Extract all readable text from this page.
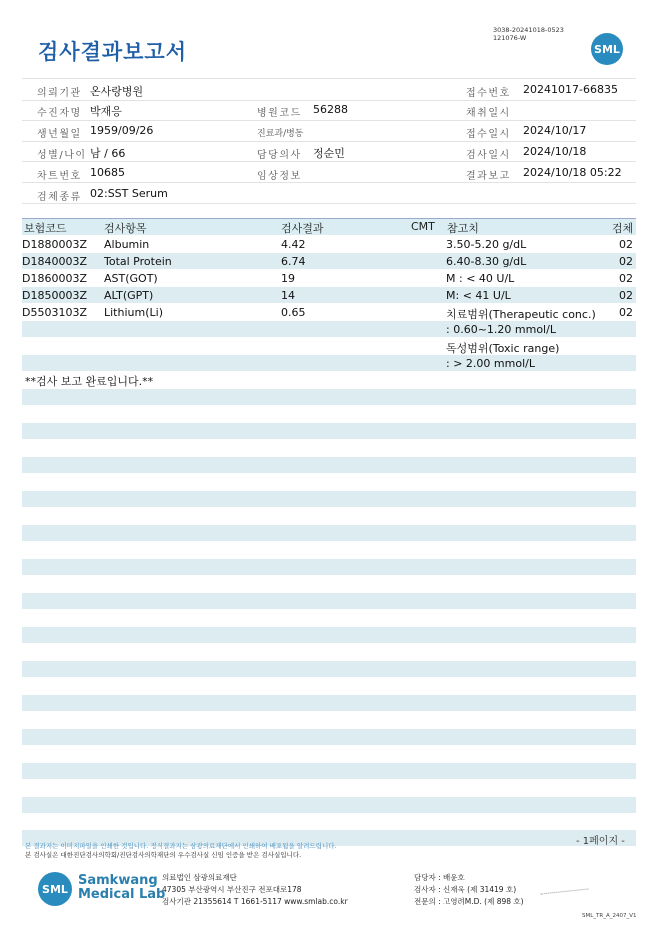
검사결과보고서
3038-20241018-0523
121076-W
SML
의뢰기관 온사랑병원	접수번호 20241017-66835
수진자명 박재응	병원코드 56288	채취일시
생년월일 1959/09/26	진료과/병동	접수일시 2024/10/17
성별/나이 남 / 66	담당의사 정순민	검사일시 2024/10/18
차트번호 10685	임상정보	결과보고 2024/10/18 05:22
검체종류 02:SST Serum
보험코드	검사항목	검사결과	CMT 참고치	검체
D1880003Z Albumin	4.42	3.50-5.20 g/dL	02
D1840003Z Total Protein	6.74	6.40-8.30 g/dL	02
D1860003Z AST(GOT)	19	M : < 40 U/L	02
D1850003Z ALT(GPT)	14	M: < 41 U/L	02
D5503103Z Lithium(Li)	0.65	치료범위(Therapeutic conc.) 02
: 0.60~1.20 mmol/L
독성범위(Toxic range)
: > 2.00 mmol/L
**검사 보고 완료입니다.**
본 결과지는 이미지파일을 인쇄한 것입니다. 정식결과지는 삼광의료재단에서 인쇄하여 배포됨을 알려드립니다.
본 검사실은 대한진단검사의학회/진단검사의학재단의 우수검사실 신임 인증을 받은 검사실입니다.
- 1페이지 -
SML
Samkwang
Medical Lab
의료법인 삼광의료재단
47305 부산광역시 부산진구 전포대로178
검사기관 21355614 T 1661-5117 www.smlab.co.kr
담당자 : 배윤호
검사자 : 신재욱 (제 31419 호)
전문의 : 고영려M.D. (제 898 호)
SML_TR_A_2407_V1
